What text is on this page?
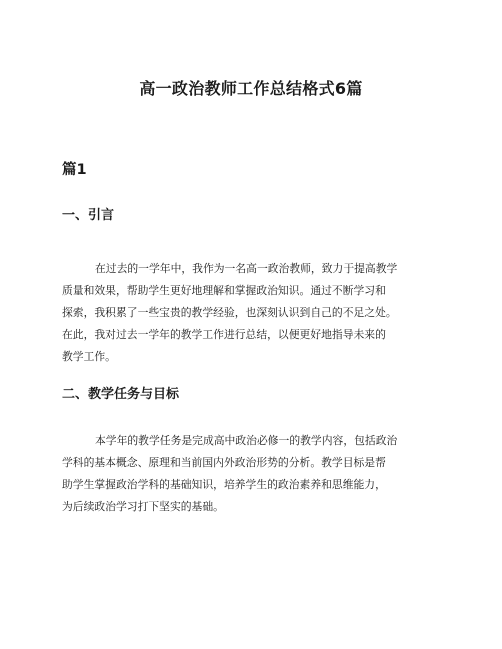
高一政治教师工作总结格式6篇
篇1
一、引言
在过去的一学年中，我作为一名高一政治教师，致力于提高教学
质量和效果，帮助学生更好地理解和掌握政治知识。通过不断学习和
探索，我积累了一些宝贵的教学经验，也深刻认识到自己的不足之处。
在此，我对过去一学年的教学工作进行总结，以便更好地指导未来的
教学工作。
二、教学任务与目标
本学年的教学任务是完成高中政治必修一的教学内容，包括政治
学科的基本概念、原理和当前国内外政治形势的分析。教学目标是帮
助学生掌握政治学科的基础知识，培养学生的政治素养和思维能力，
为后续政治学习打下坚实的基础。
